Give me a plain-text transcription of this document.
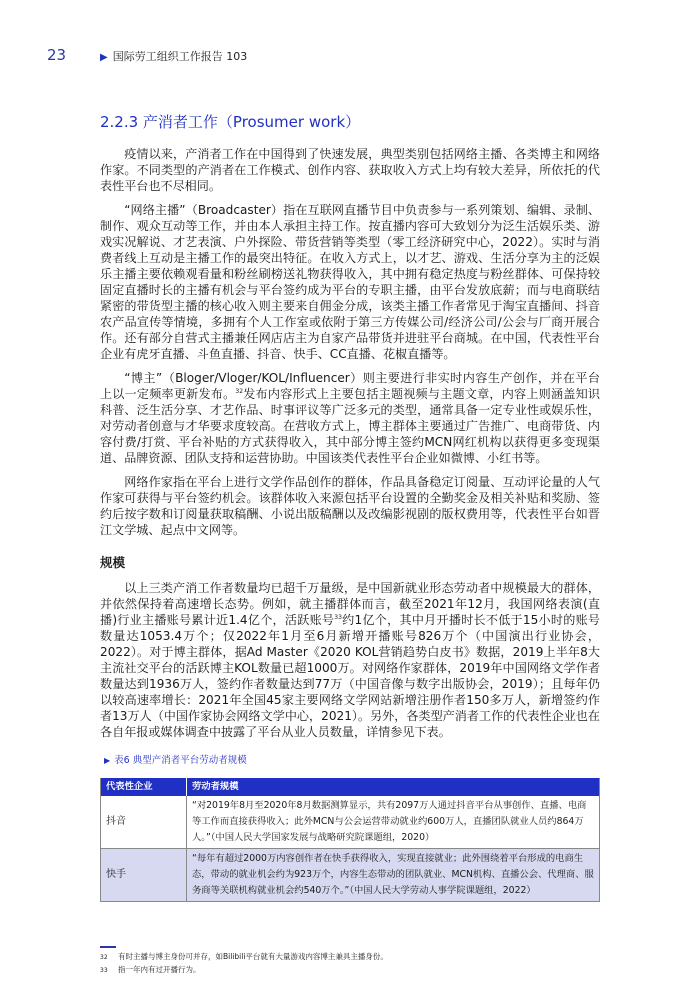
23	▶ 国际劳工组织工作报告 103
2.2.3 产消者工作（Prosumer work）

疫情以来，产消者工作在中国得到了快速发展，典型类别包括网络主播、各类博主和网络作家。不同类型的产消者在工作模式、创作内容、获取收入方式上均有较大差异，所依托的代表性平台也不尽相同。

“网络主播”（Broadcaster）指在互联网直播节目中负责参与一系列策划、编辑、录制、制作、观众互动等工作，并由本人承担主持工作。按直播内容可大致划分为泛生活娱乐类、游戏实况解说、才艺表演、户外探险、带货营销等类型（零工经济研究中心，2022）。实时与消费者线上互动是主播工作的最突出特征。在收入方式上，以才艺、游戏、生活分享为主的泛娱乐主播主要依赖观看量和粉丝刷榜送礼物获得收入，其中拥有稳定热度与粉丝群体、可保持较固定直播时长的主播有机会与平台签约成为平台的专职主播，由平台发放底薪；而与电商联结紧密的带货型主播的核心收入则主要来自佣金分成，该类主播工作者常见于淘宝直播间、抖音农产品宣传等情境，多拥有个人工作室或依附于第三方传媒公司/经济公司/公会与厂商开展合作。还有部分自营式主播兼任网店店主为自家产品带货并进驻平台商城。在中国，代表性平台企业有虎牙直播、斗鱼直播、抖音、快手、CC直播、花椒直播等。

“博主”（Bloger/Vloger/KOL/Influencer）则主要进行非实时内容生产创作，并在平台上以一定频率更新发布。$^{32}$发布内容形式上主要包括主题视频与主题文章，内容上则涵盖知识科普、泛生活分享、才艺作品、时事评议等广泛多元的类型，通常具备一定专业性或娱乐性，对劳动者创意与才华要求度较高。在营收方式上，博主群体主要通过广告推广、电商带货、内容付费/打赏、平台补贴的方式获得收入，其中部分博主签约MCN网红机构以获得更多变现渠道、品牌资源、团队支持和运营协助。中国该类代表性平台企业如微博、小红书等。

网络作家指在平台上进行文学作品创作的群体，作品具备稳定订阅量、互动评论量的人气作家可获得与平台签约机会。该群体收入来源包括平台设置的全勤奖金及相关补贴和奖励、签约后按字数和订阅量获取稿酬、小说出版稿酬以及改编影视剧的版权费用等，代表性平台如晋江文学城、起点中文网等。

规模

以上三类产消工作者数量均已超千万量级，是中国新就业形态劳动者中规模最大的群体，并依然保持着高速增长态势。例如，就主播群体而言，截至2021年12月，我国网络表演(直播)行业主播账号累计近1.4亿个，活跃账号$^{33}$约1亿个，其中月开播时长不低于15小时的账号数量达1053.4万个；仅2022年1月至6月新增开播账号826万个（中国演出行业协会，2022）。对于博主群体，据Ad Master《2020 KOL营销趋势白皮书》数据，2019上半年8大主流社交平台的活跃博主KOL数量已超1000万。对网络作家群体，2019年中国网络文学作者数量达到1936万人，签约作者数量达到77万（中国音像与数字出版协会，2019）；且每年仍以较高速率增长：2021年全国45家主要网络文学网站新增注册作者150多万人，新增签约作者13万人（中国作家协会网络文学中心，2021）。另外，各类型产消者工作的代表性企业也在各自年报或媒体调查中披露了平台从业人员数量，详情参见下表。

▶ 表6 典型产消者平台劳动者规模
代表性企业	劳动者规模
抖音	“对2019年8月至2020年8月数据测算显示，共有2097万人通过抖音平台从事创作、直播、电商等工作而直接获得收入；此外MCN与公会运营带动就业约600万人，直播团队就业人员约864万人。”（中国人民大学国家发展与战略研究院课题组，2020）
快手	“每年有超过2000万内容创作者在快手获得收入，实现直接就业；此外围绕着平台形成的电商生态，带动的就业机会约为923万个，内容生态带动的团队就业、MCN机构、直播公会、代理商、服务商等关联机构就业机会约540万个。”（中国人民大学劳动人事学院课题组，2022）
32 有时主播与博主身份可并存，如Bilibili平台就有大量游戏内容博主兼具主播身份。
33 指一年内有过开播行为。
